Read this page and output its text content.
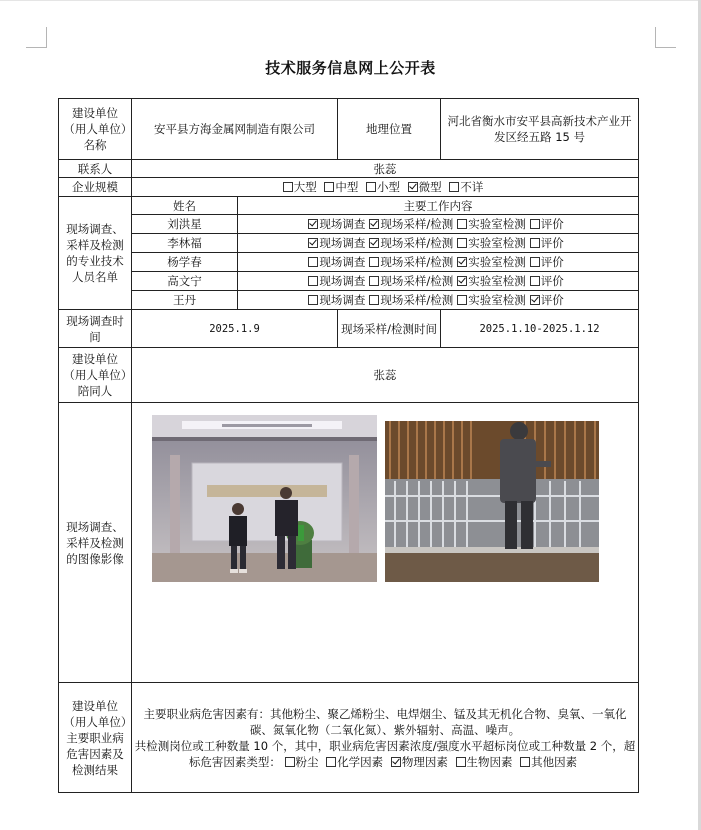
技术服务信息网上公开表
建设单位（用人单位）名称	安平县方海金属网制造有限公司		地理位置	河北省衡水市安平县高新技术产业开发区经五路 15 号
联系人	张蕊			
企业规模	大型 中型 小型 微型 不详			
现场调查、采样及检测的专业技术人员名单	姓名	主要工作内容		
	刘洪星	现场调查 现场采样/检测 实验室检测 评价		
	李林福	现场调查 现场采样/检测 实验室检测 评价		
	杨学春	现场调查 现场采样/检测 实验室检测 评价		
	高文宁	现场调查 现场采样/检测 实验室检测 评价		
	王丹	现场调查 现场采样/检测 实验室检测 评价		
现场调查时间	2025.1.9		现场采样/检测时间	2025.1.10-2025.1.12
建设单位（用人单位）陪同人	张蕊			
现场调查、采样及检测的图像影像	

建设单位（用人单位）主要职业病危害因素及检测结果	主要职业病危害因素有：其他粉尘、聚乙烯粉尘、电焊烟尘、锰及其无机化合物、臭氧、一氧化碳、氮氧化物（二氧化氮）、紫外辐射、高温、噪声。
共检测岗位或工种数量 10 个，其中，职业病危害因素浓度/强度水平超标岗位或工种数量 2 个，超标危害因素类型： 粉尘 化学因素 物理因素 生物因素 其他因素			
